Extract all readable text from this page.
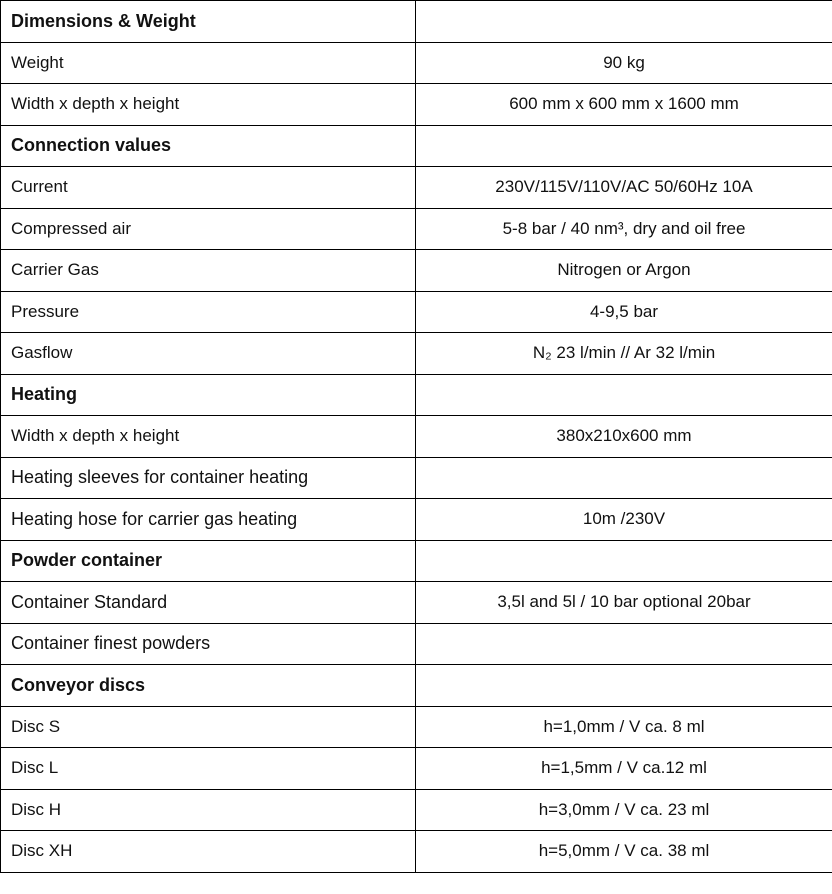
Dimensions & Weight	
Weight	90 kg
Width x depth x height	600 mm x 600 mm x 1600 mm
Connection values	
Current	230V/115V/110V/AC 50/60Hz 10A
Compressed air	5-8 bar / 40 nm³, dry and oil free
Carrier Gas	Nitrogen or Argon
Pressure	4-9,5 bar
Gasflow	N₂ 23 l/min // Ar 32 l/min
Heating	
Width x depth x height	380x210x600 mm
Heating sleeves for container heating	
Heating hose for carrier gas heating	10m /230V
Powder container	
Container Standard	3,5l and 5l / 10 bar optional 20bar
Container finest powders	
Conveyor discs	
Disc S	h=1,0mm / V ca. 8 ml
Disc L	h=1,5mm / V ca.12 ml
Disc H	h=3,0mm / V ca. 23 ml
Disc XH	h=5,0mm / V ca. 38 ml
